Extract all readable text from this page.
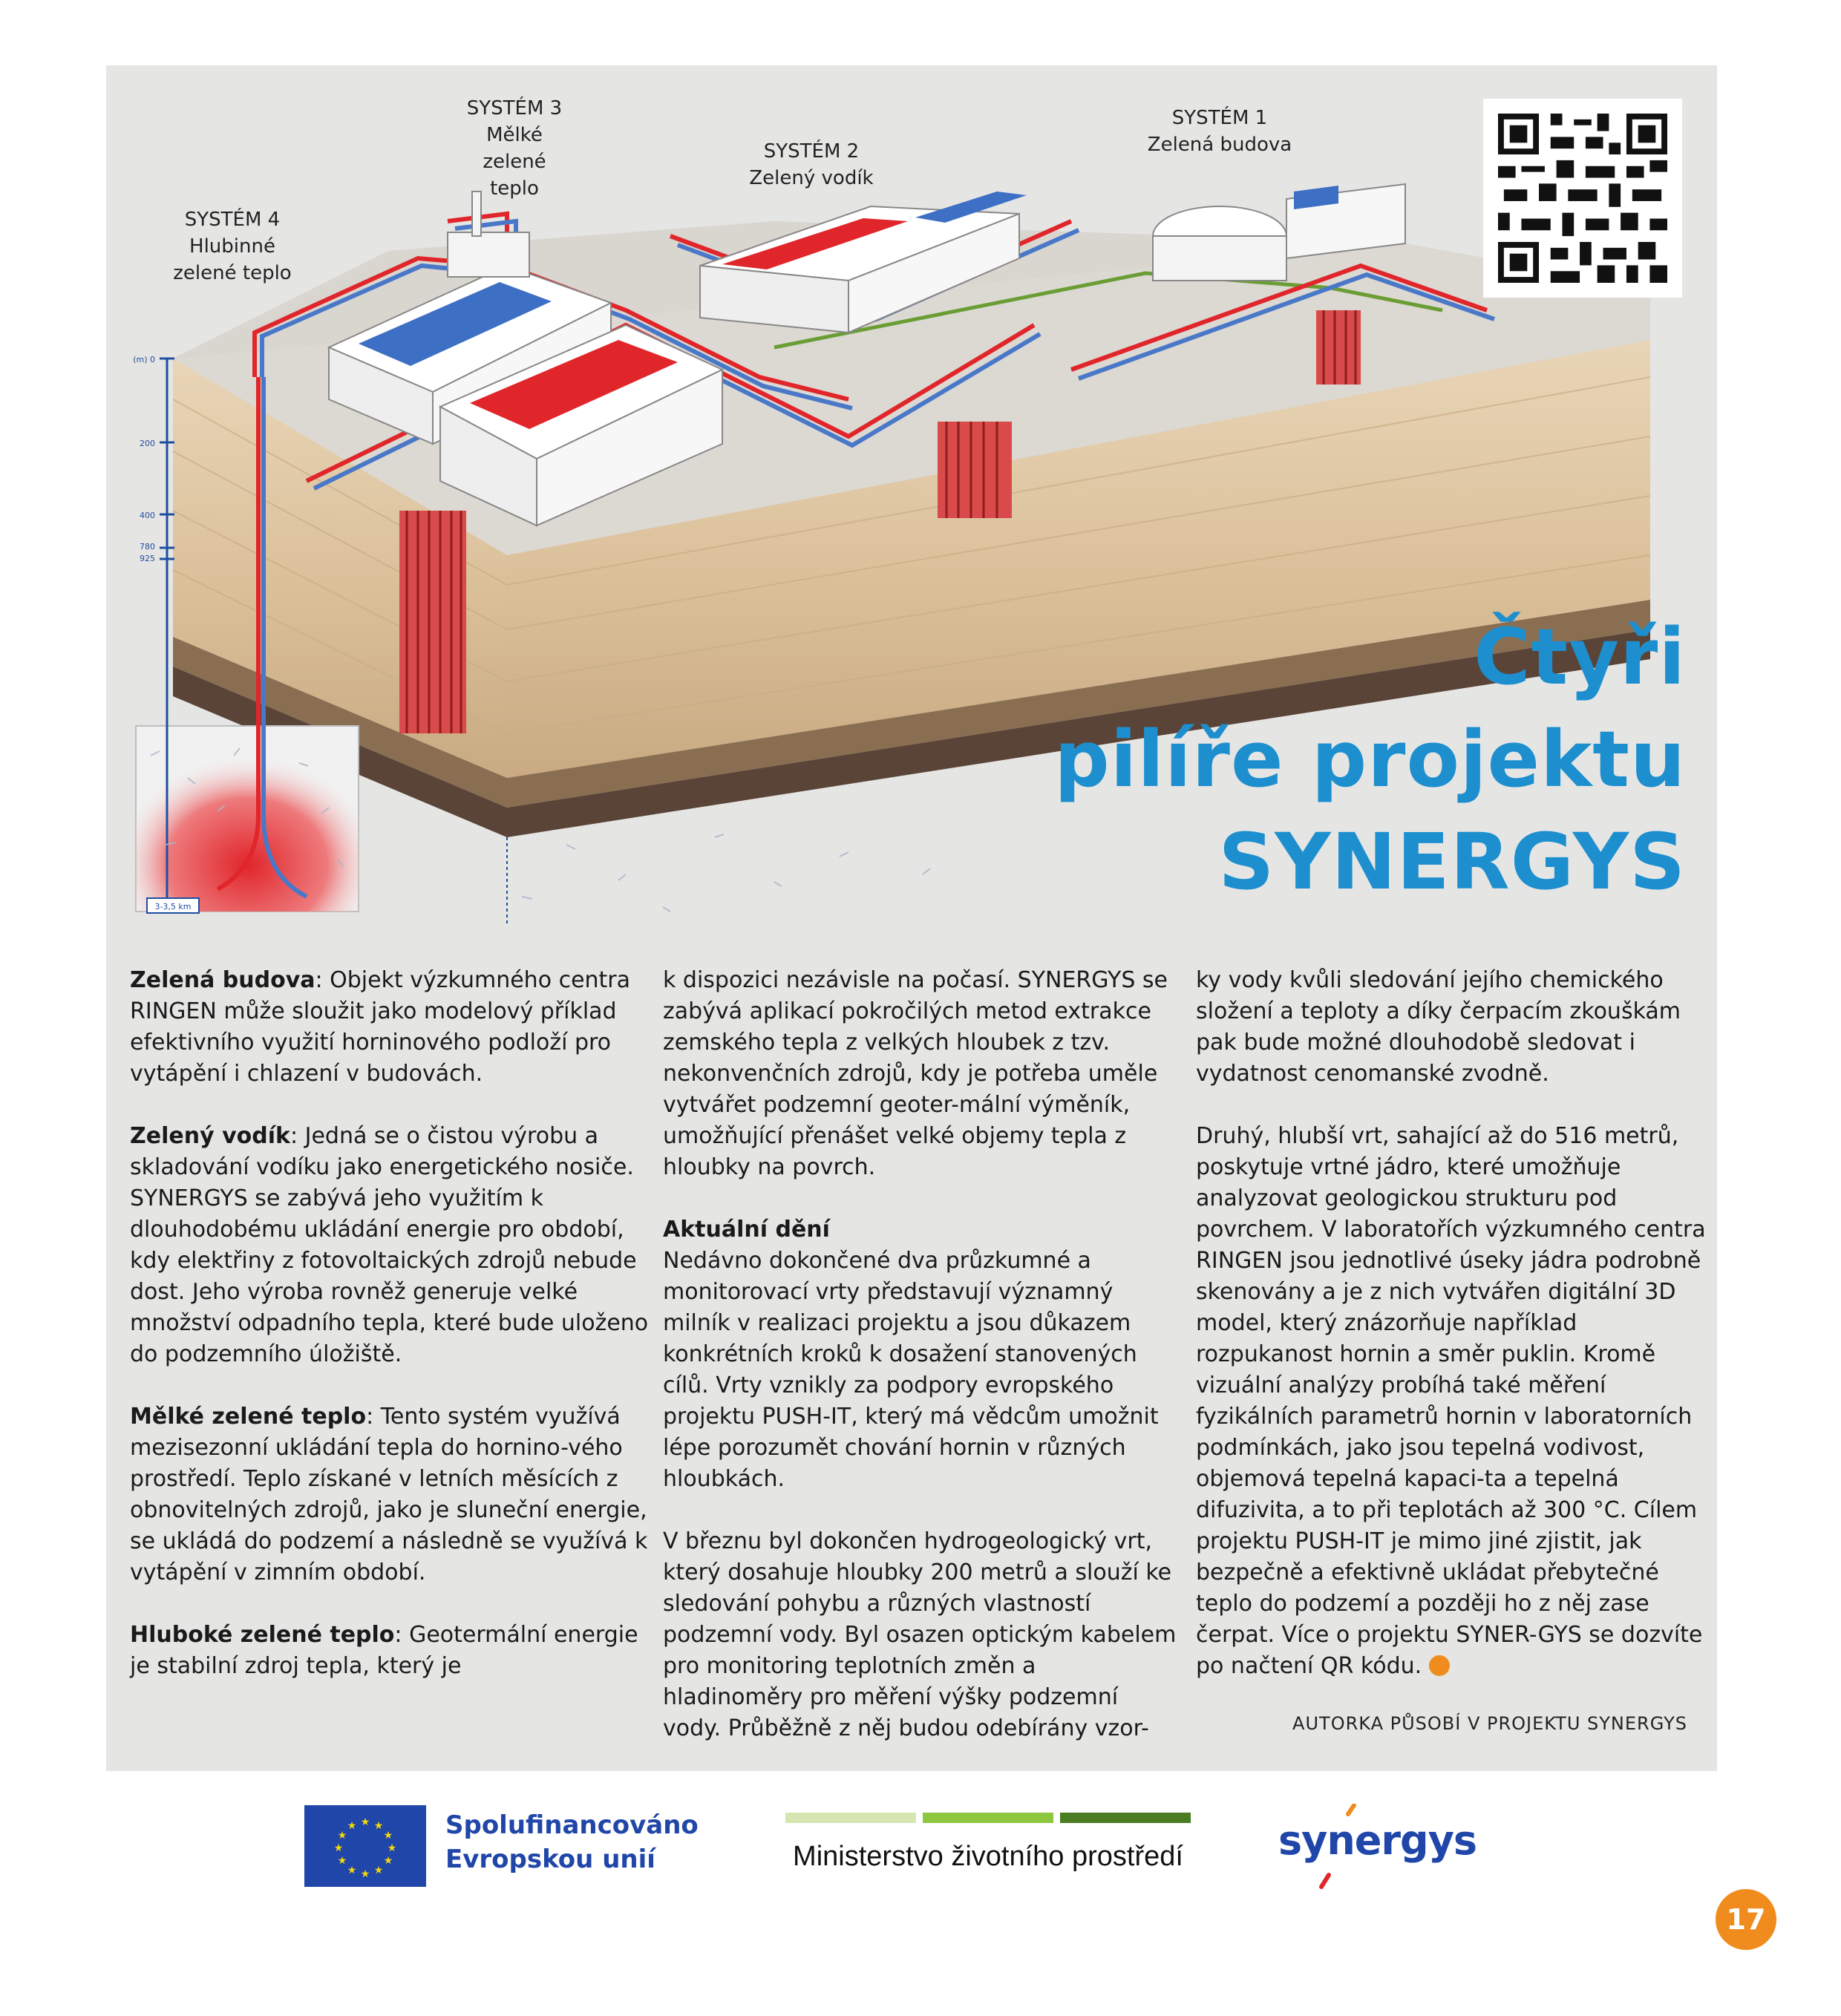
(m) 0
200
400
780
925
3-3,5 km
SYSTÉM 3
Mělké zelené teplo
SYSTÉM 2
Zelený vodík
SYSTÉM 1
Zelená budova
SYSTÉM 4
Hlubinné zelené teplo
Čtyři
pilíře projektu
SYNERGYS

Zelená budova: Objekt výzkumného centra RINGEN může sloužit jako modelový příklad efektivního využití horninového podloží pro vytápění i chlazení v budovách.

Zelený vodík: Jedná se o čistou výrobu a skladování vodíku jako energetického nosiče. SYNERGYS se zabývá jeho využitím k dlouhodobému ukládání energie pro období, kdy elektřiny z fotovoltaických zdrojů nebude dost. Jeho výroba rovněž generuje velké množství odpadního tepla, které bude uloženo do podzemního úložiště.

Mělké zelené teplo: Tento systém využívá mezisezonní ukládání tepla do hornino-vého prostředí. Teplo získané v letních měsících z obnovitelných zdrojů, jako je sluneční energie, se ukládá do podzemí a následně se využívá k vytápění v zimním období.

Hluboké zelené teplo: Geotermální energie je stabilní zdroj tepla, který je

k dispozici nezávisle na počasí. SYNERGYS se zabývá aplikací pokročilých metod extrakce zemského tepla z velkých hloubek z tzv. nekonvenčních zdrojů, kdy je potřeba uměle vytvářet podzemní geoter-mální výměník, umožňující přenášet velké objemy tepla z hloubky na povrch.

Aktuální dění
Nedávno dokončené dva průzkumné a monitorovací vrty představují významný milník v realizaci projektu a jsou důkazem konkrétních kroků k dosažení stanovených cílů. Vrty vznikly za podpory evropského projektu PUSH-IT, který má vědcům umožnit lépe porozumět chování hornin v různých hloubkách.

V březnu byl dokončen hydrogeologický vrt, který dosahuje hloubky 200 metrů a slouží ke sledování pohybu a různých vlastností podzemní vody. Byl osazen optickým kabelem pro monitoring teplotních změn a hladinoměry pro měření výšky podzemní vody. Průběžně z něj budou odebírány vzor-

ky vody kvůli sledování jejího chemického složení a teploty a díky čerpacím zkouškám pak bude možné dlouhodobě sledovat i vydatnost cenomanské zvodně.

Druhý, hlubší vrt, sahající až do 516 metrů, poskytuje vrtné jádro, které umožňuje analyzovat geologickou strukturu pod povrchem. V laboratořích výzkumného centra RINGEN jsou jednotlivé úseky jádra podrobně skenovány a je z nich vytvářen digitální 3D model, který znázorňuje například rozpukanost hornin a směr puklin. Kromě vizuální analýzy probíhá také měření fyzikálních parametrů hornin v laboratorních podmínkách, jako jsou tepelná vodivost, objemová tepelná kapaci-ta a tepelná difuzivita, a to při teplotách až 300 °C. Cílem projektu PUSH-IT je mimo jiné zjistit, jak bezpečně a efektivně ukládat přebytečné teplo do podzemí a později ho z něj zase čerpat. Více o projektu SYNER-GYS se dozvíte po načtení QR kódu.

AUTORKA PŮSOBÍ V PROJEKTU SYNERGYS
★ ★
★
★
★
★
★
★
★
★
★
★	Spolufinancováno
Evropskou unií	Ministerstvo životního prostředí synergys
17
